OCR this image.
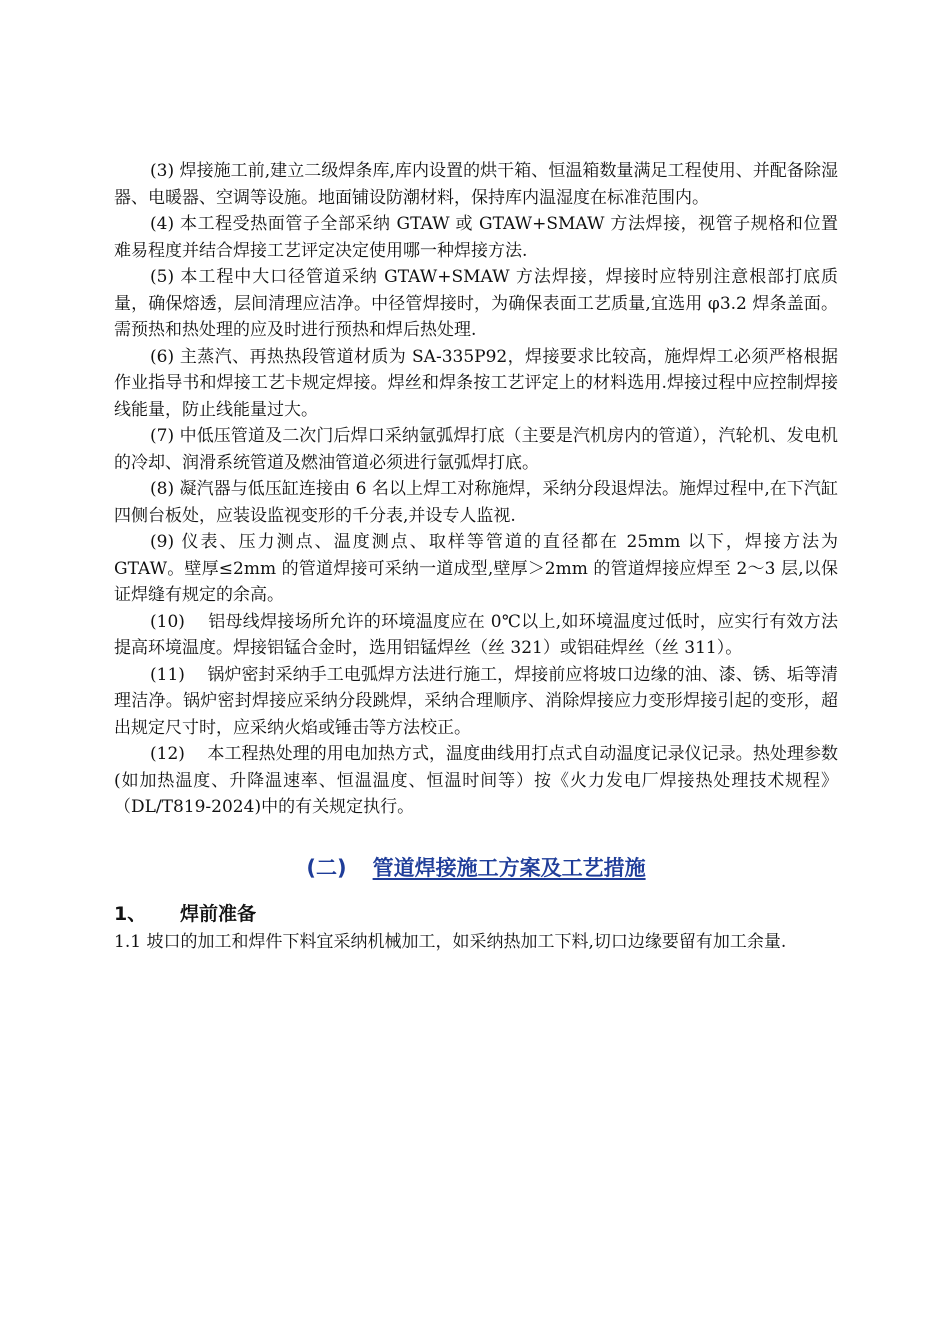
(3) 焊接施工前,建立二级焊条库,库内设置的烘干箱、恒温箱数量满足工程使用、并配备除湿器、电暖器、空调等设施。地面铺设防潮材料，保持库内温湿度在标准范围内。

(4) 本工程受热面管子全部采纳 GTAW 或 GTAW+SMAW 方法焊接，视管子规格和位置难易程度并结合焊接工艺评定决定使用哪一种焊接方法.

(5) 本工程中大口径管道采纳 GTAW+SMAW 方法焊接，焊接时应特别注意根部打底质量，确保熔透，层间清理应洁净。中径管焊接时，为确保表面工艺质量,宜选用 φ3.2 焊条盖面。需预热和热处理的应及时进行预热和焊后热处理.

(6) 主蒸汽、再热热段管道材质为 SA-335P92，焊接要求比较高，施焊焊工必须严格根据作业指导书和焊接工艺卡规定焊接。焊丝和焊条按工艺评定上的材料选用.焊接过程中应控制焊接线能量，防止线能量过大。

(7) 中低压管道及二次门后焊口采纳氩弧焊打底（主要是汽机房内的管道），汽轮机、发电机的冷却、润滑系统管道及燃油管道必须进行氩弧焊打底。

(8) 凝汽器与低压缸连接由 6 名以上焊工对称施焊，采纳分段退焊法。施焊过程中,在下汽缸四侧台板处，应装设监视变形的千分表,并设专人监视.

(9) 仪表、压力测点、温度测点、取样等管道的直径都在 25mm 以下，焊接方法为 GTAW。壁厚≤2mm 的管道焊接可采纳一道成型,壁厚＞2mm 的管道焊接应焊至 2～3 层,以保证焊缝有规定的余高。

(10)　 铝母线焊接场所允许的环境温度应在 0℃以上,如环境温度过低时，应实行有效方法提高环境温度。焊接铝锰合金时，选用铝锰焊丝（丝 321）或铝硅焊丝（丝 311）。

(11)　 锅炉密封采纳手工电弧焊方法进行施工，焊接前应将坡口边缘的油、漆、锈、垢等清理洁净。锅炉密封焊接应采纳分段跳焊，采纳合理顺序、消除焊接应力变形焊接引起的变形，超出规定尺寸时，应采纳火焰或锤击等方法校正。

(12)　 本工程热处理的用电加热方式，温度曲线用打点式自动温度记录仪记录。热处理参数(如加热温度、升降温速率、恒温温度、恒温时间等）按《火力发电厂焊接热处理技术规程》（DL/T819-2024)中的有关规定执行。

(二) 管道焊接施工方案及工艺措施
1、 焊前准备

1.1 坡口的加工和焊件下料宜采纳机械加工，如采纳热加工下料,切口边缘要留有加工余量.
